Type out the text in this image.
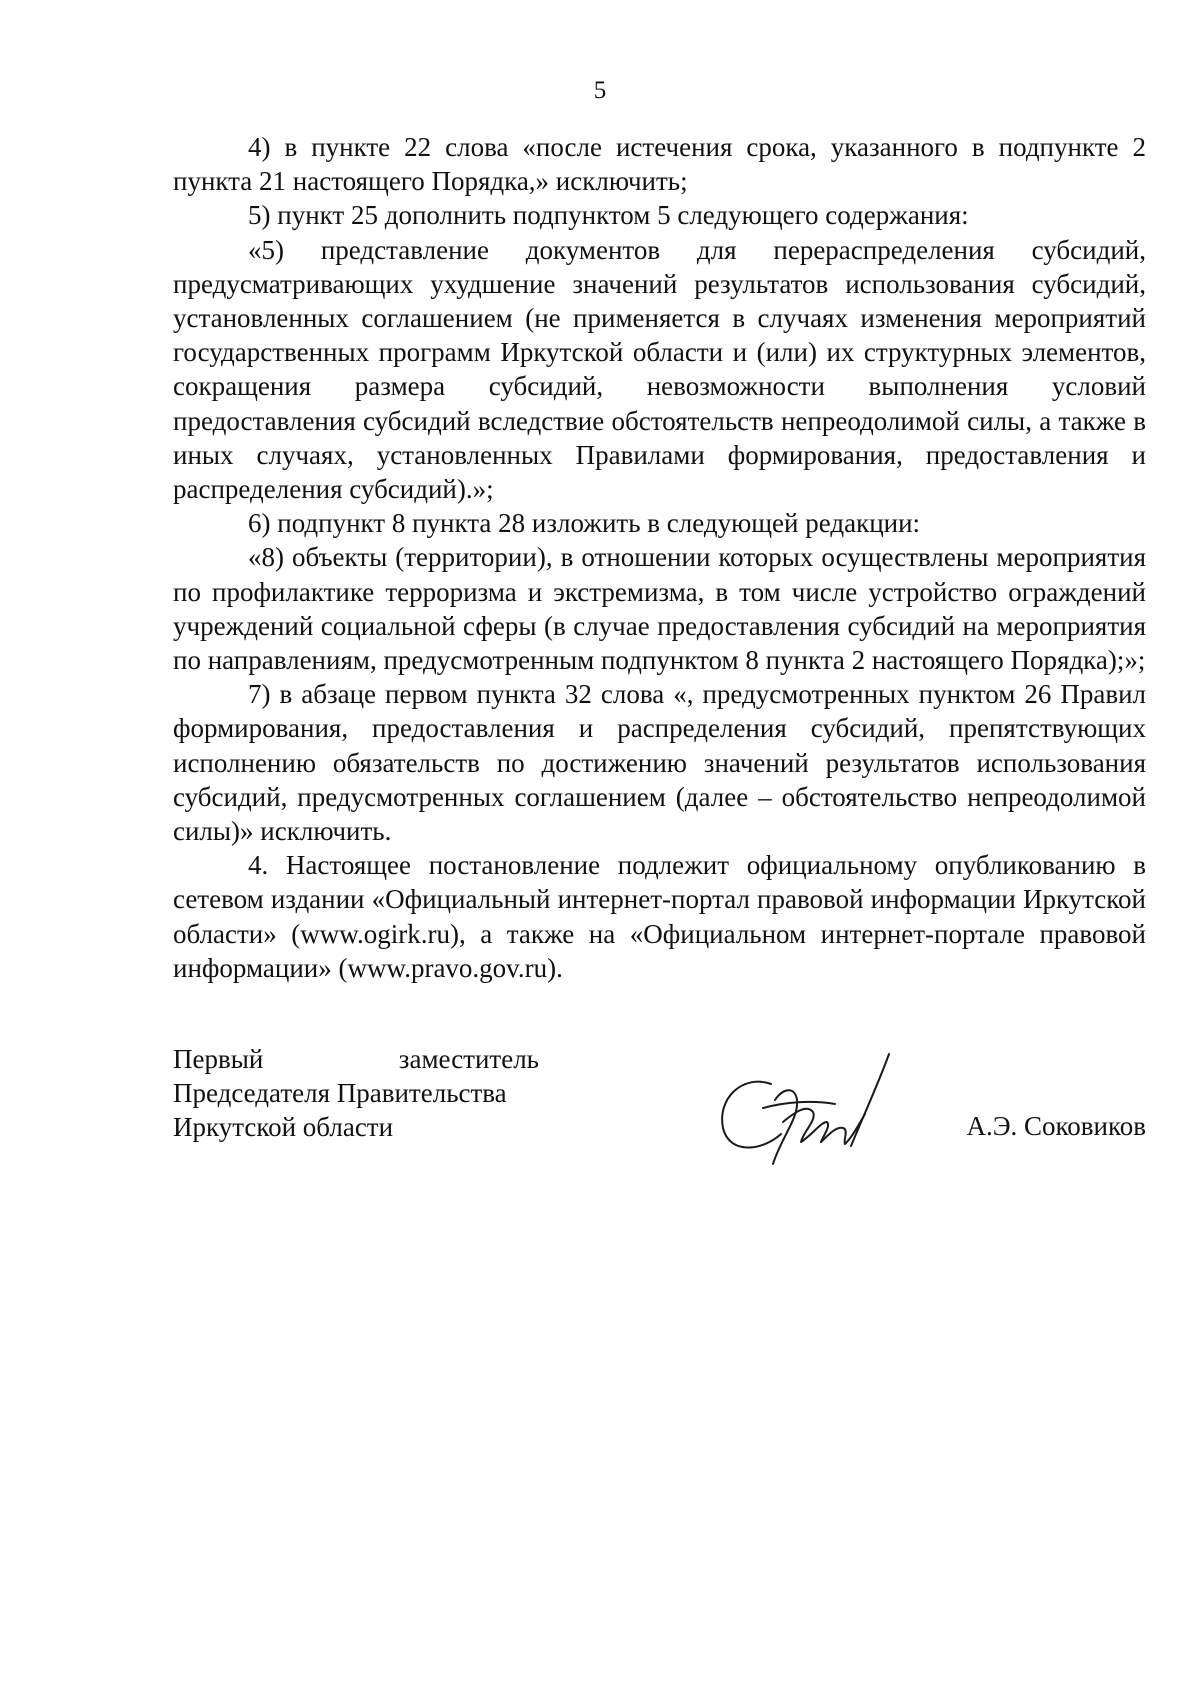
5

4) в пункте 22 слова «после истечения срока, указанного в подпункте 2 пункта 21 настоящего Порядка,» исключить;

5) пункт 25 дополнить подпунктом 5 следующего содержания:

«5) представление документов для перераспределения субсидий, предусматривающих ухудшение значений результатов использования субсидий, установленных соглашением (не применяется в случаях изменения мероприятий государственных программ Иркутской области и (или) их структурных элементов, сокращения размера субсидий, невозможности выполнения условий предоставления субсидий вследствие обстоятельств непреодолимой силы, а также в иных случаях, установленных Правилами формирования, предоставления и распределения субсидий).»;

6) подпункт 8 пункта 28 изложить в следующей редакции:

«8) объекты (территории), в отношении которых осуществлены мероприятия по профилактике терроризма и экстремизма, в том числе устройство ограждений учреждений социальной сферы (в случае предоставления субсидий на мероприятия по направлениям, предусмотренным подпунктом 8 пункта 2 настоящего Порядка);»;

7) в абзаце первом пункта 32 слова «, предусмотренных пунктом 26 Правил формирования, предоставления и распределения субсидий, препятствующих исполнению обязательств по достижению значений результатов использования субсидий, предусмотренных соглашением (далее – обстоятельство непреодолимой силы)» исключить.

4. Настоящее постановление подлежит официальному опубликованию в сетевом издании «Официальный интернет-портал правовой информации Иркутской области» (www.ogirk.ru), а также на «Официальном интернет-портале правовой информации» (www.pravo.gov.ru).

Первый заместитель
Председателя Правительства
Иркутской области	А.Э. Соковиков
